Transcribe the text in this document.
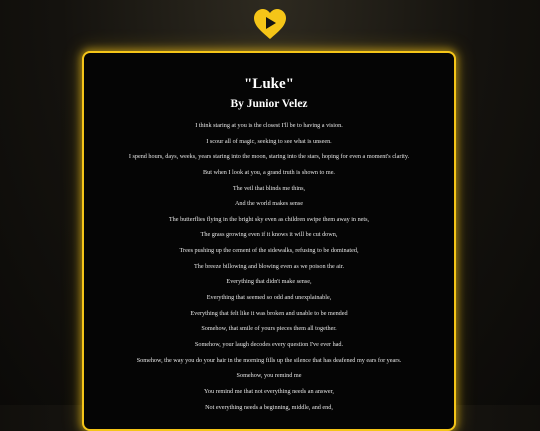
"Luke"
By Junior Velez
I think staring at you is the closest I'll be to having a vision.
I scour all of magic, seeking to see what is unseen.
I spend hours, days, weeks, years staring into the moon, staring into the stars, hoping for even a moment's clarity.
But when I look at you, a grand truth is shown to me.
The veil that blinds me thins,
And the world makes sense
The butterflies flying in the bright sky even as children swipe them away in nets,
The grass growing even if it knows it will be cut down,
Trees pushing up the cement of the sidewalks, refusing to be dominated,
The breeze billowing and blowing even as we poison the air.
Everything that didn't make sense,
Everything that seemed so odd and unexplainable,
Everything that felt like it was broken and unable to be mended
Somehow, that smile of yours pieces them all together.
Somehow, your laugh decodes every question I've ever had.
Somehow, the way you do your hair in the morning fills up the silence that has deafened my ears for years.
Somehow, you remind me
You remind me that not everything needs an answer,
Not everything needs a beginning, middle, and end,
